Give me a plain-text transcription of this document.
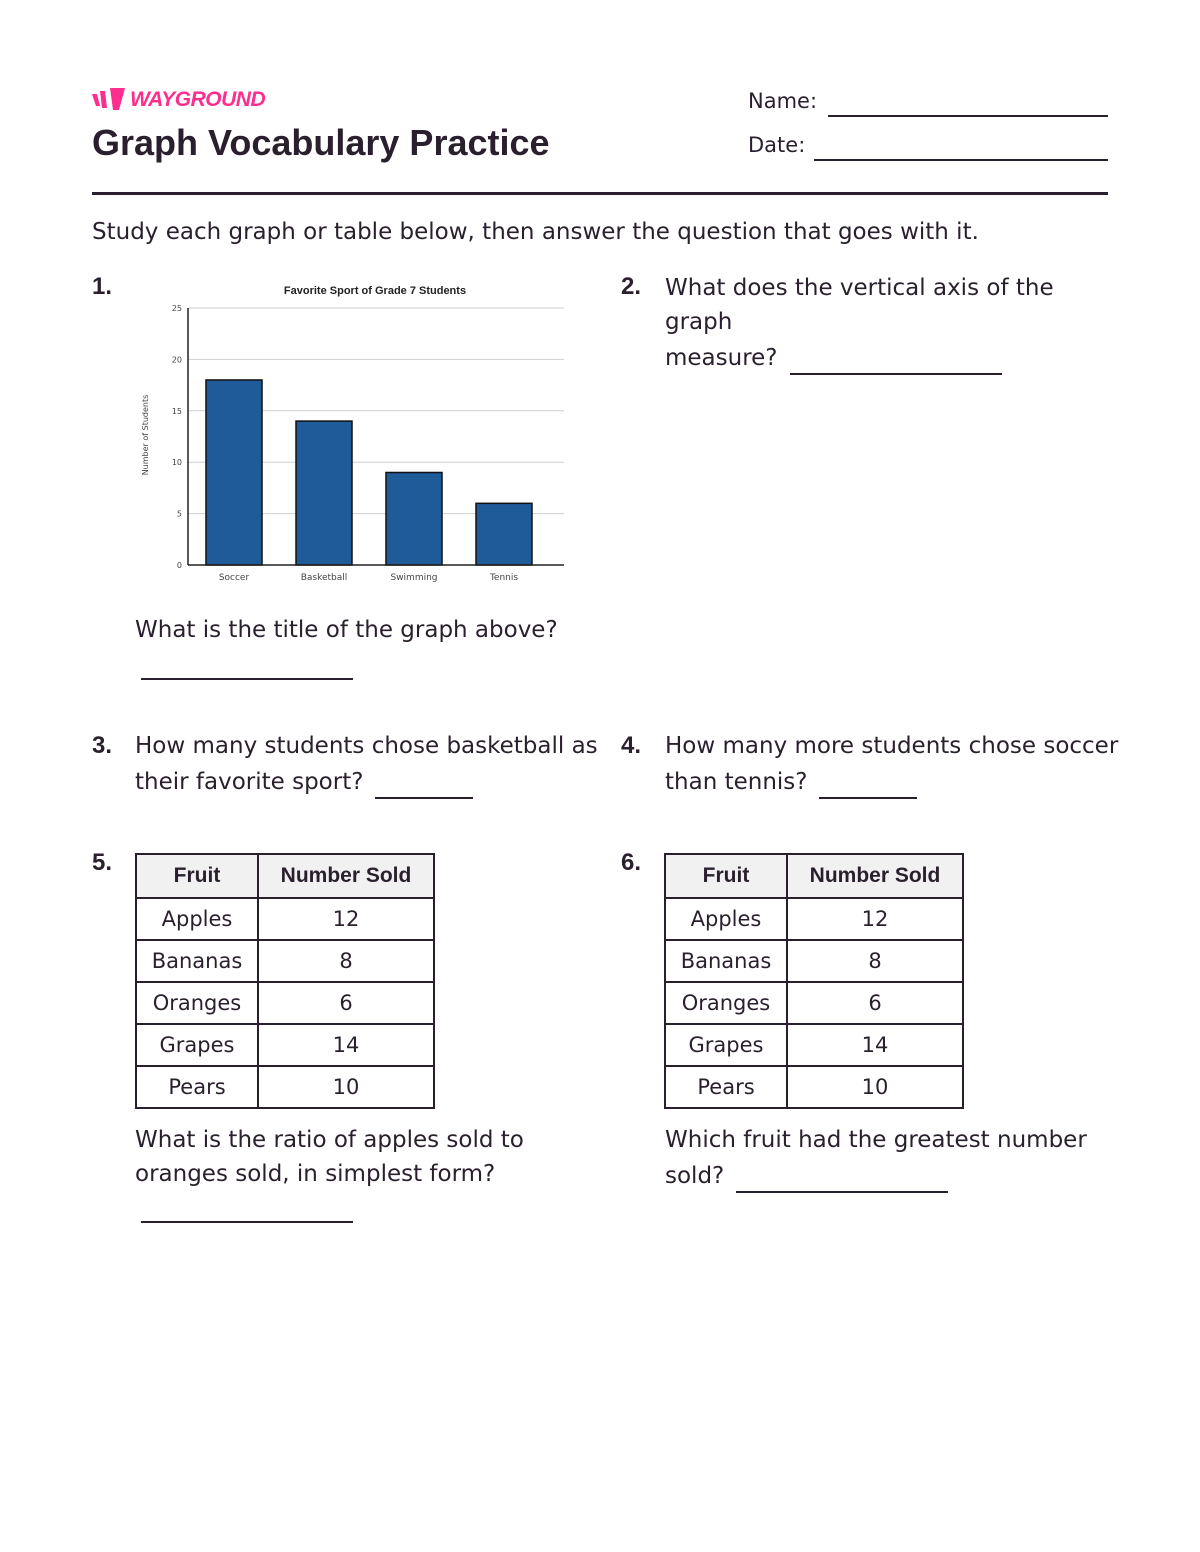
WAYGROUND
Graph Vocabulary Practice
Name:
Date:
Study each graph or table below, then answer the question that goes with it.
1.	Favorite Sport of Grade 7 Students
Number of Students
0
5
10
15
20
25
Soccer	Basketball	Swimming	Tennis
What is the title of the graph above?
2. What does the vertical axis of the graph
measure?
3. How many students chose basketball as
their favorite sport?
4. How many more students chose soccer
than tennis?
5.	Fruit	Number Sold
Apples	12
Bananas	8
Oranges	6
Grapes	14
Pears	10
What is the ratio of apples sold to
oranges sold, in simplest form?
6.	Fruit	Number Sold
Apples	12
Bananas	8
Oranges	6
Grapes	14
Pears	10
Which fruit had the greatest number
sold?
